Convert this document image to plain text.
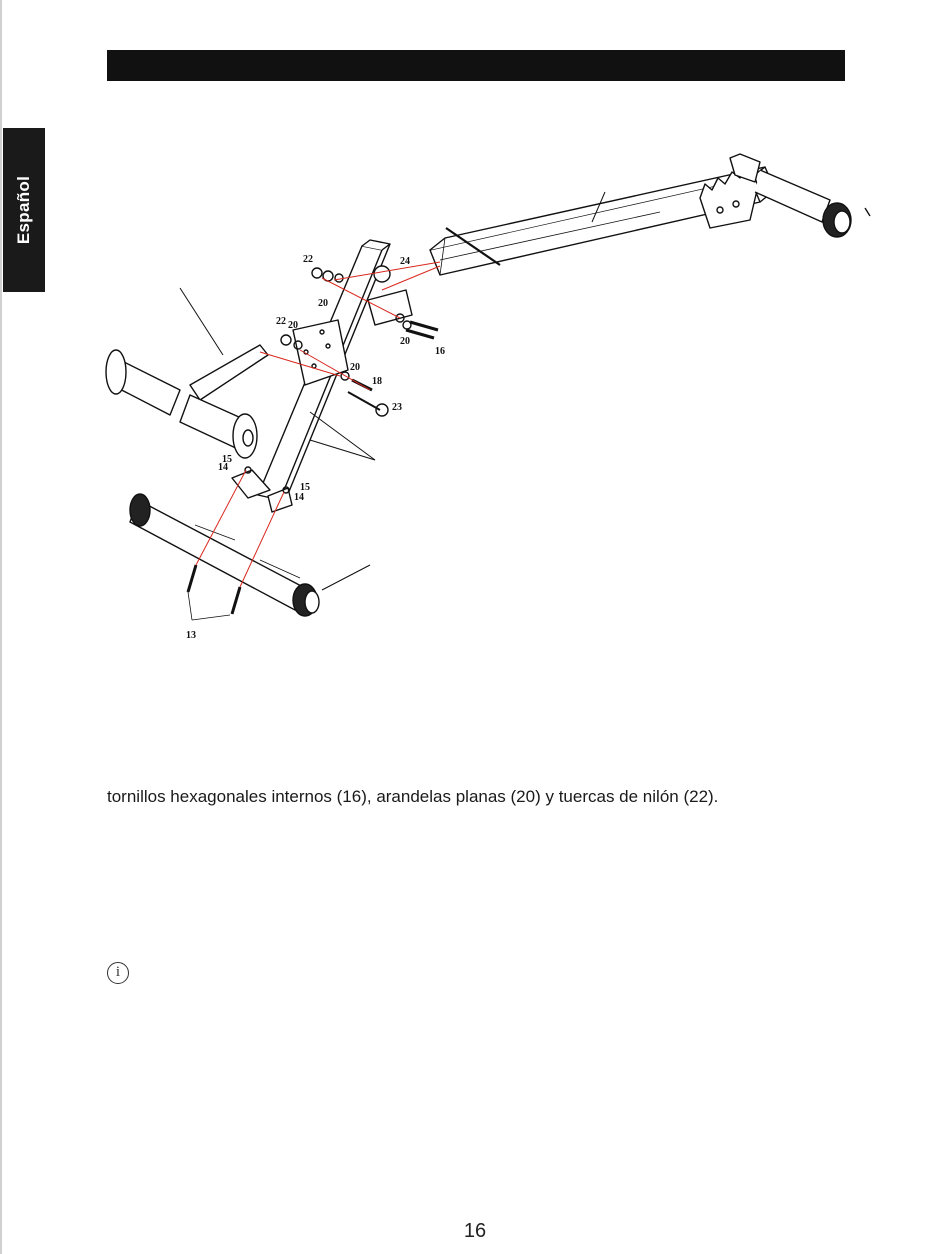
Español
13
14
15
15
14
16
18
20
20
20
20
22
22
23
24
tornillos hexagonales internos (16), arandelas planas (20) y tuercas de nilón (22).
i
16
